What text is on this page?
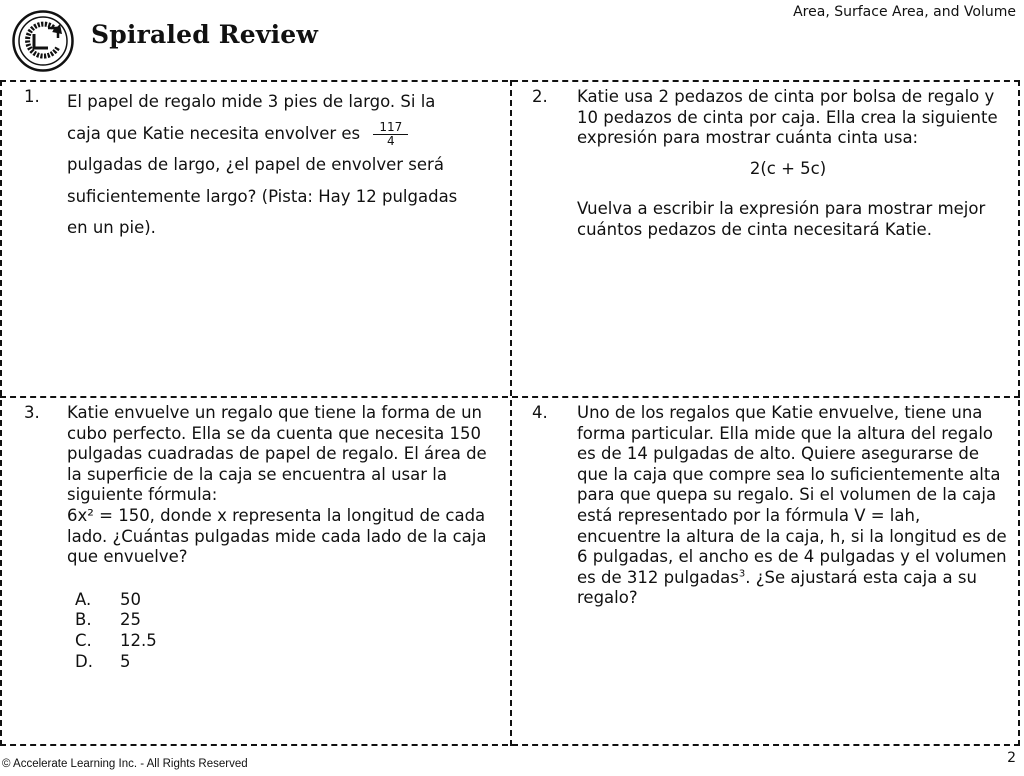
Area, Surface Area, and Volume
Spiraled Review
1. El papel de regalo mide 3 pies de largo. Si la
caja que Katie necesita envolver es $\frac{117}{4}$
pulgadas de largo, ¿el papel de envolver será
suficientemente largo? (Pista: Hay 12 pulgadas
en un pie).
2. Katie usa 2 pedazos de cinta por bolsa de regalo y 10 pedazos de cinta por caja. Ella crea la siguiente expresión para mostrar cuánta cinta usa:
2(c + 5c)
Vuelva a escribir la expresión para mostrar mejor cuántos pedazos de cinta necesitará Katie.
3. Katie envuelve un regalo que tiene la forma de un cubo perfecto. Ella se da cuenta que necesita 150 pulgadas cuadradas de papel de regalo. El área de la superficie de la caja se encuentra al usar la siguiente fórmula:
6x² = 150, donde x representa la longitud de cada lado. ¿Cuántas pulgadas mide cada lado de la caja que envuelve?
A.	50
B.	25
C.	12.5
D.	5
4. Uno de los regalos que Katie envuelve, tiene una forma particular. Ella mide que la altura del regalo es de 14 pulgadas de alto. Quiere asegurarse de que la caja que compre sea lo suficientemente alta para que quepa su regalo. Si el volumen de la caja está representado por la fórmula V = lah, encuentre la altura de la caja, h, si la longitud es de 6 pulgadas, el ancho es de 4 pulgadas y el volumen es de 312 pulgadas$^3$. ¿Se ajustará esta caja a su regalo?
© Accelerate Learning Inc. - All Rights Reserved	2
